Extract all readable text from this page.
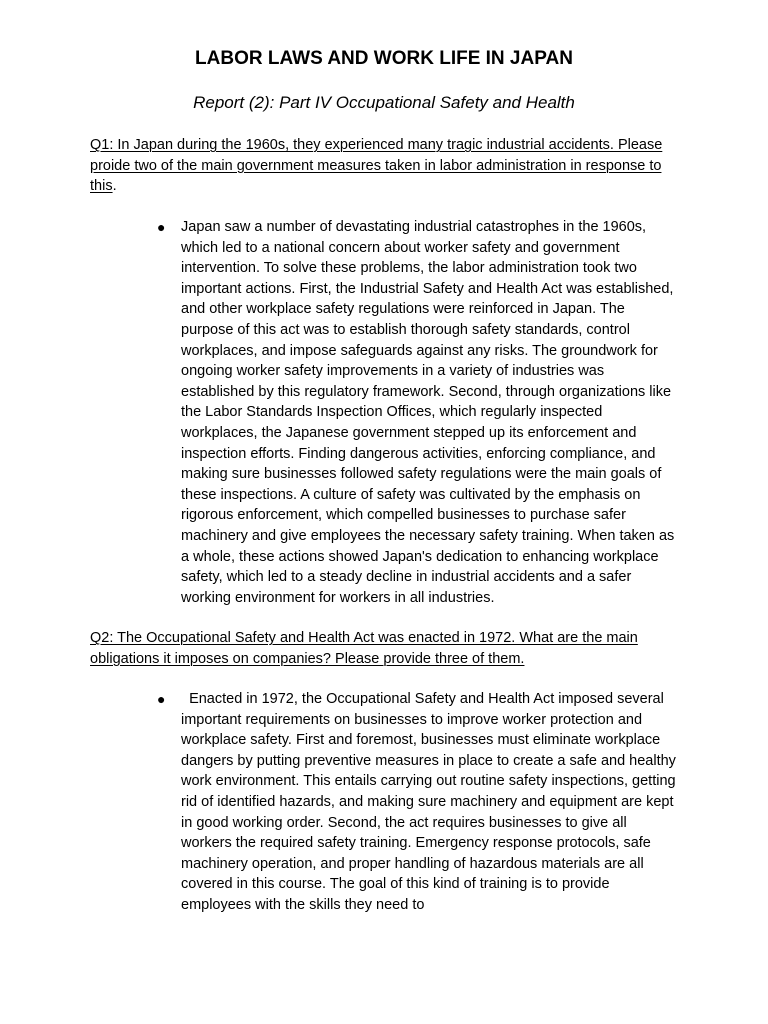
LABOR LAWS AND WORK LIFE IN JAPAN

Report (2): Part IV Occupational Safety and Health

Q1: In Japan during the 1960s, they experienced many tragic industrial accidents. Please proide two of the main government measures taken in labor administration in response to this.

● Japan saw a number of devastating industrial catastrophes in the 1960s, which led to a national concern about worker safety and government intervention. To solve these problems, the labor administration took two important actions. First, the Industrial Safety and Health Act was established, and other workplace safety regulations were reinforced in Japan. The purpose of this act was to establish thorough safety standards, control workplaces, and impose safeguards against any risks. The groundwork for ongoing worker safety improvements in a variety of industries was established by this regulatory framework. Second, through organizations like the Labor Standards Inspection Offices, which regularly inspected workplaces, the Japanese government stepped up its enforcement and inspection efforts. Finding dangerous activities, enforcing compliance, and making sure businesses followed safety regulations were the main goals of these inspections. A culture of safety was cultivated by the emphasis on rigorous enforcement, which compelled businesses to purchase safer machinery and give employees the necessary safety training. When taken as a whole, these actions showed Japan's dedication to enhancing workplace safety, which led to a steady decline in industrial accidents and a safer working environment for workers in all industries.

Q2: The Occupational Safety and Health Act was enacted in 1972. What are the main obligations it imposes on companies? Please provide three of them.

● Enacted in 1972, the Occupational Safety and Health Act imposed several important requirements on businesses to improve worker protection and workplace safety. First and foremost, businesses must eliminate workplace dangers by putting preventive measures in place to create a safe and healthy work environment. This entails carrying out routine safety inspections, getting rid of identified hazards, and making sure machinery and equipment are kept in good working order. Second, the act requires businesses to give all workers the required safety training. Emergency response protocols, safe machinery operation, and proper handling of hazardous materials are all covered in this course. The goal of this kind of training is to provide employees with the skills they need to
